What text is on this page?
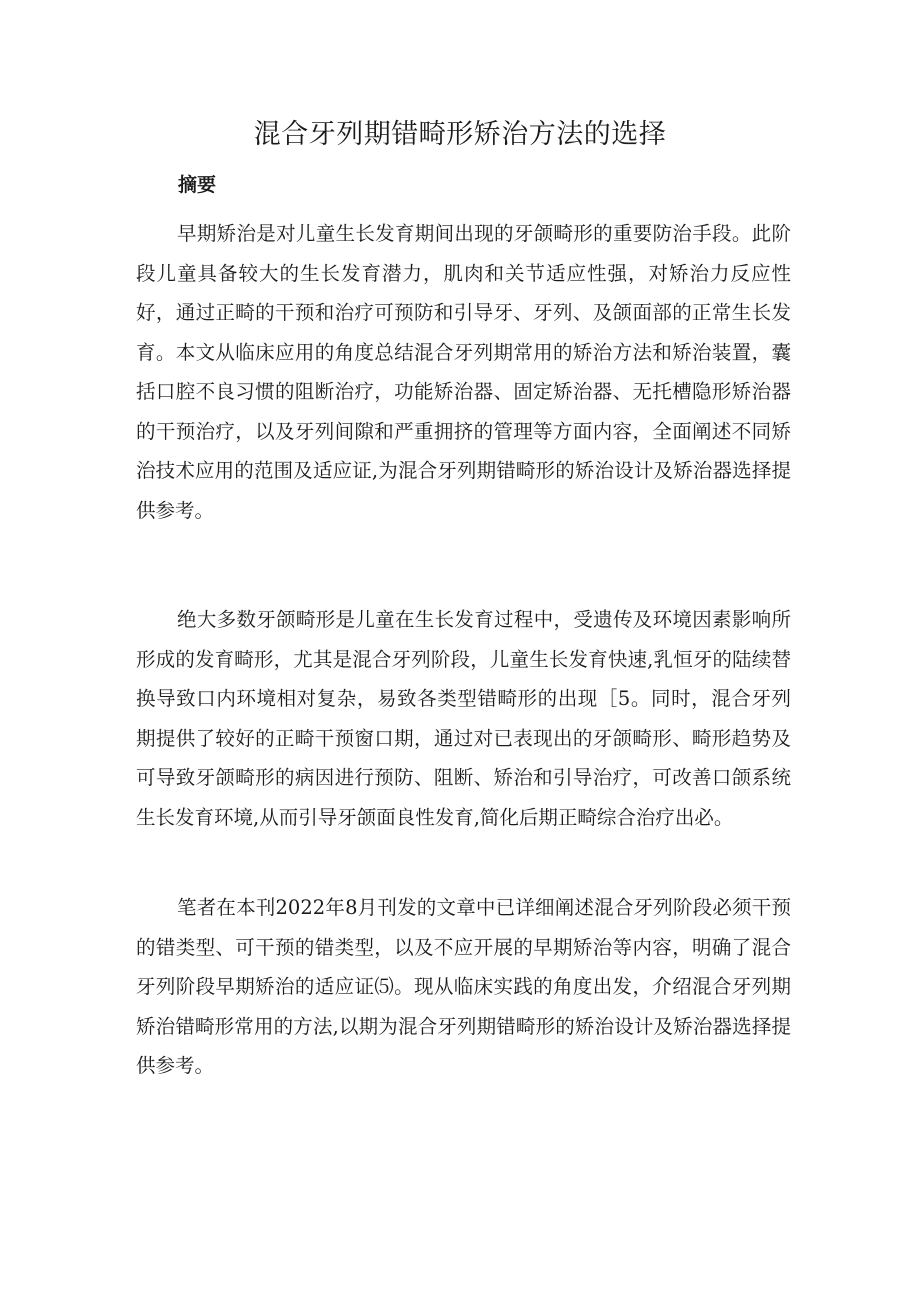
混合牙列期错畸形矫治方法的选择
摘要

早期矫治是对儿童生长发育期间出现的牙颌畸形的重要防治手段。此阶段儿童具备较大的生长发育潜力，肌肉和关节适应性强，对矫治力反应性好，通过正畸的干预和治疗可预防和引导牙、牙列、及颌面部的正常生长发育。本文从临床应用的角度总结混合牙列期常用的矫治方法和矫治装置，囊括口腔不良习惯的阻断治疗，功能矫治器、固定矫治器、无托槽隐形矫治器的干预治疗，以及牙列间隙和严重拥挤的管理等方面内容，全面阐述不同矫治技术应用的范围及适应证,为混合牙列期错畸形的矫治设计及矫治器选择提供参考。

绝大多数牙颌畸形是儿童在生长发育过程中，受遗传及环境因素影响所形成的发育畸形，尤其是混合牙列阶段，儿童生长发育快速,乳恒牙的陆续替换导致口内环境相对复杂，易致各类型错畸形的出现［5。同时，混合牙列期提供了较好的正畸干预窗口期，通过对已表现出的牙颌畸形、畸形趋势及可导致牙颌畸形的病因进行预防、阻断、矫治和引导治疗，可改善口颌系统生长发育环境,从而引导牙颌面良性发育,简化后期正畸综合治疗出必。

笔者在本刊2022年8月刊发的文章中已详细阐述混合牙列阶段必须干预的错类型、可干预的错类型，以及不应开展的早期矫治等内容，明确了混合牙列阶段早期矫治的适应证⑸。现从临床实践的角度出发，介绍混合牙列期矫治错畸形常用的方法,以期为混合牙列期错畸形的矫治设计及矫治器选择提供参考。
